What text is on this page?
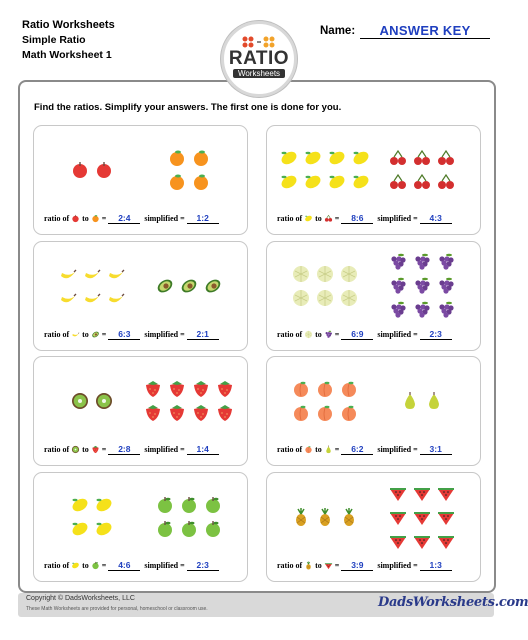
Ratio Worksheets
Simple Ratio
Math Worksheet 1	RATIO
Worksheets
Name:	ANSWER KEY
Find the ratios. Simplify your answers. The first one is done for you.
ratio of  to  = 2:4  simplified = 1:2	ratio of  to  = 8:6  simplified = 4:3
ratio of  to  = 6:3  simplified = 2:1	ratio of  to  = 6:9  simplified = 2:3
ratio of  to  = 2:8  simplified = 1:4	ratio of  to  = 6:2  simplified = 3:1
ratio of  to  = 4:6  simplified = 2:3	ratio of  to  = 3:9  simplified = 1:3
Copyright © DadsWorksheets, LLC
These Math Worksheets are provided for personal, homeschool or classroom use.	DadsWorksheets.com
